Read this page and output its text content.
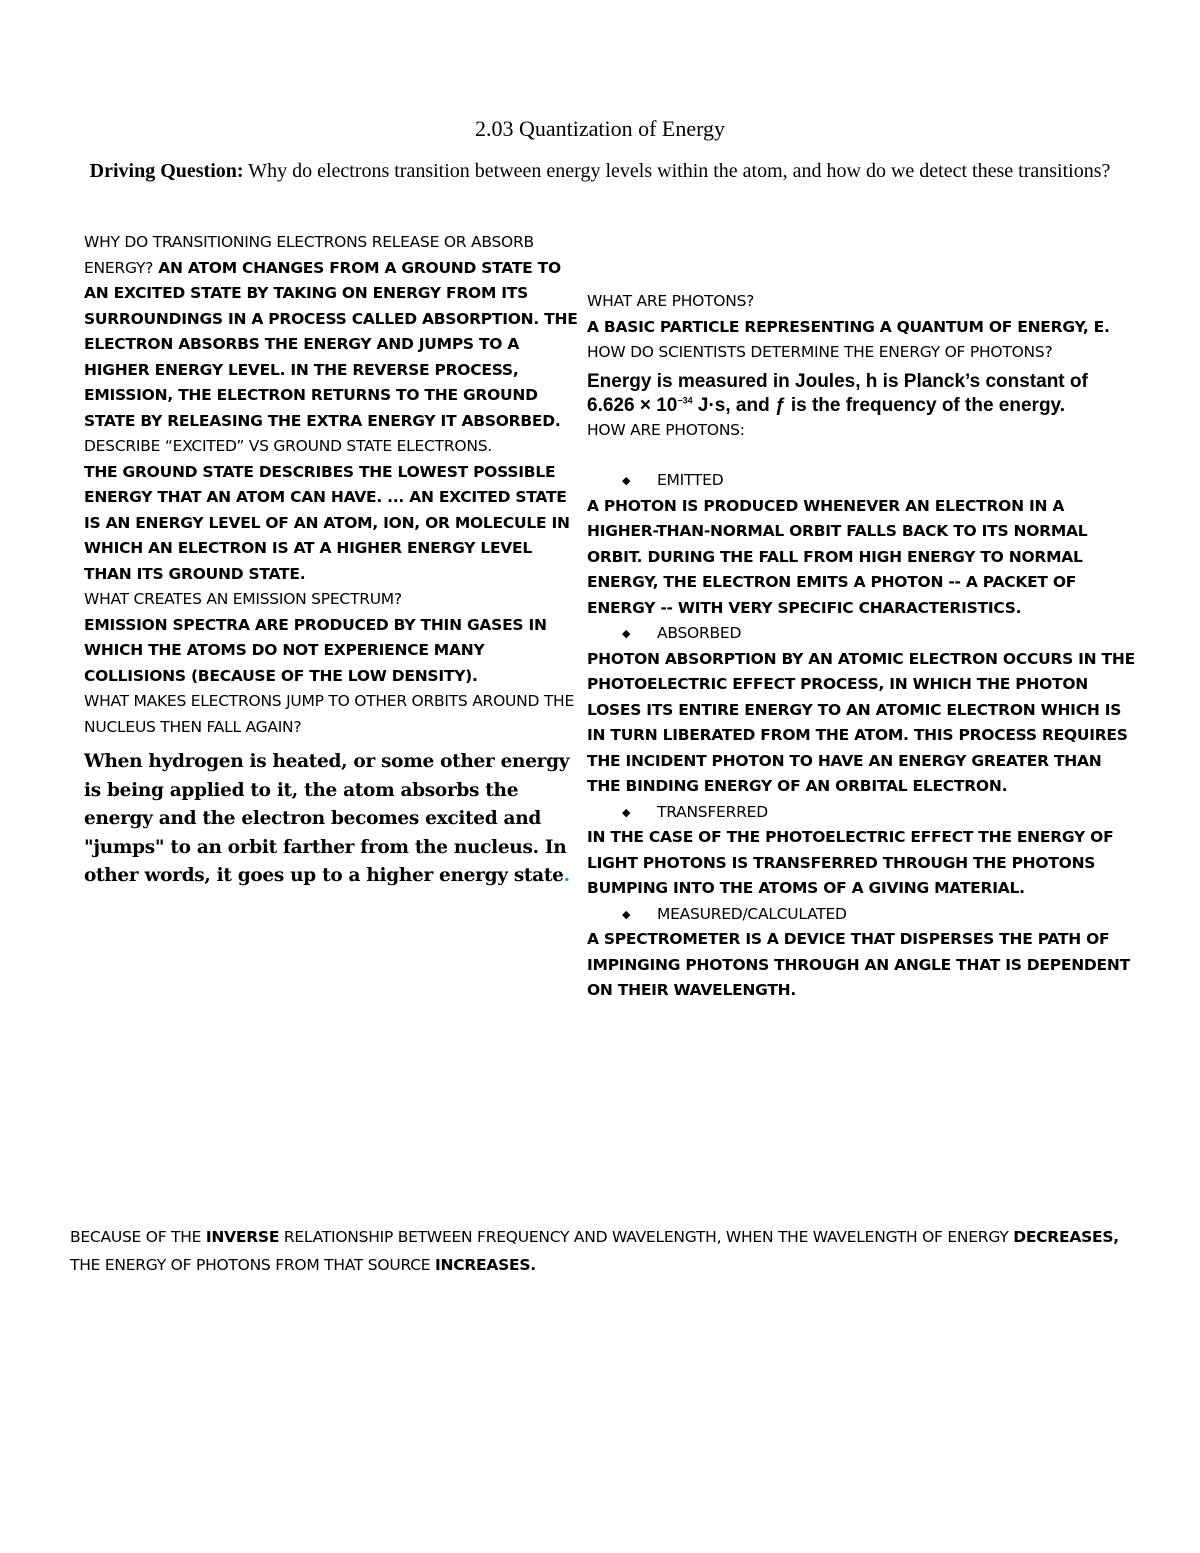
2.03 Quantization of Energy
Driving Question: Why do electrons transition between energy levels within the atom, and how do we detect these transitions?

WHY DO TRANSITIONING ELECTRONS RELEASE OR ABSORB ENERGY? AN ATOM CHANGES FROM A GROUND STATE TO AN EXCITED STATE BY TAKING ON ENERGY FROM ITS SURROUNDINGS IN A PROCESS CALLED ABSORPTION. THE ELECTRON ABSORBS THE ENERGY AND JUMPS TO A HIGHER ENERGY LEVEL. IN THE REVERSE PROCESS, EMISSION, THE ELECTRON RETURNS TO THE GROUND STATE BY RELEASING THE EXTRA ENERGY IT ABSORBED.

DESCRIBE “EXCITED” VS GROUND STATE ELECTRONS.

THE GROUND STATE DESCRIBES THE LOWEST POSSIBLE ENERGY THAT AN ATOM CAN HAVE. ... AN EXCITED STATE IS AN ENERGY LEVEL OF AN ATOM, ION, OR MOLECULE IN WHICH AN ELECTRON IS AT A HIGHER ENERGY LEVEL THAN ITS GROUND STATE.

WHAT CREATES AN EMISSION SPECTRUM?

EMISSION SPECTRA ARE PRODUCED BY THIN GASES IN WHICH THE ATOMS DO NOT EXPERIENCE MANY COLLISIONS (BECAUSE OF THE LOW DENSITY).

WHAT MAKES ELECTRONS JUMP TO OTHER ORBITS AROUND THE NUCLEUS THEN FALL AGAIN?

When hydrogen is heated, or some other energy is being applied to it, the atom absorbs the energy and the electron becomes excited and "jumps" to an orbit farther from the nucleus. In other words, it goes up to a higher energy state.

WHAT ARE PHOTONS?

A BASIC PARTICLE REPRESENTING A QUANTUM OF ENERGY, E.

HOW DO SCIENTISTS DETERMINE THE ENERGY OF PHOTONS?

Energy is measured in Joules, h is Planck’s constant of $6.626 \times 10^{-34}$ J·s, and ƒ is the frequency of the energy.

HOW ARE PHOTONS:

◆ EMITTED

A PHOTON IS PRODUCED WHENEVER AN ELECTRON IN A HIGHER-THAN-NORMAL ORBIT FALLS BACK TO ITS NORMAL ORBIT. DURING THE FALL FROM HIGH ENERGY TO NORMAL ENERGY, THE ELECTRON EMITS A PHOTON -- A PACKET OF ENERGY -- WITH VERY SPECIFIC CHARACTERISTICS.

◆ ABSORBED

PHOTON ABSORPTION BY AN ATOMIC ELECTRON OCCURS IN THE PHOTOELECTRIC EFFECT PROCESS, IN WHICH THE PHOTON LOSES ITS ENTIRE ENERGY TO AN ATOMIC ELECTRON WHICH IS IN TURN LIBERATED FROM THE ATOM. THIS PROCESS REQUIRES THE INCIDENT PHOTON TO HAVE AN ENERGY GREATER THAN THE BINDING ENERGY OF AN ORBITAL ELECTRON.

◆ TRANSFERRED

IN THE CASE OF THE PHOTOELECTRIC EFFECT THE ENERGY OF LIGHT PHOTONS IS TRANSFERRED THROUGH THE PHOTONS BUMPING INTO THE ATOMS OF A GIVING MATERIAL.

◆ MEASURED/CALCULATED

A SPECTROMETER IS A DEVICE THAT DISPERSES THE PATH OF IMPINGING PHOTONS THROUGH AN ANGLE THAT IS DEPENDENT ON THEIR WAVELENGTH.

BECAUSE OF THE INVERSE RELATIONSHIP BETWEEN FREQUENCY AND WAVELENGTH, WHEN THE WAVELENGTH OF ENERGY DECREASES, THE ENERGY OF PHOTONS FROM THAT SOURCE INCREASES.
